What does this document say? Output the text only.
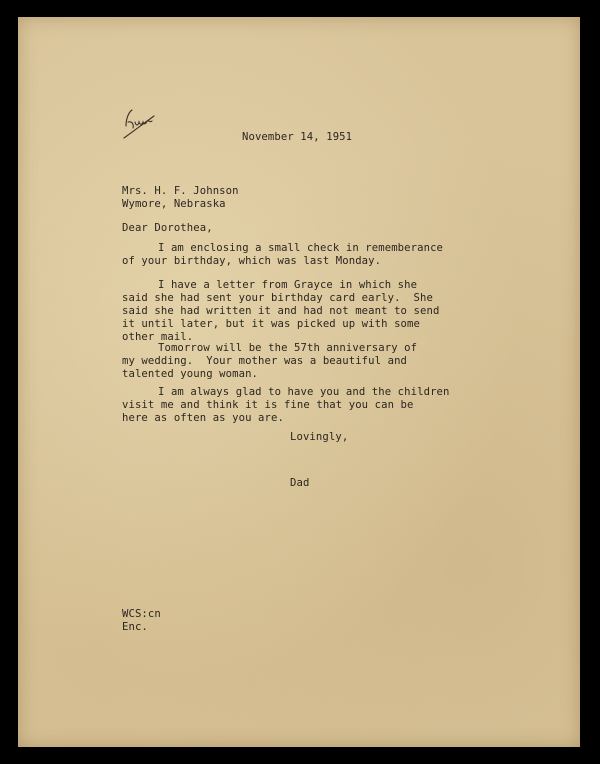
November 14, 1951
Mrs. H. F. Johnson
Wymore, Nebraska
Dear Dorothea,
I am enclosing a small check in rememberance
of your birthday, which was last Monday.
I have a letter from Grayce in which she
said she had sent your birthday card early.  She
said she had written it and had not meant to send
it until later, but it was picked up with some
other mail.
Tomorrow will be the 57th anniversary of
my wedding.  Your mother was a beautiful and
talented young woman.
I am always glad to have you and the children
visit me and think it is fine that you can be
here as often as you are.
Lovingly,
Dad
WCS:cn
Enc.
